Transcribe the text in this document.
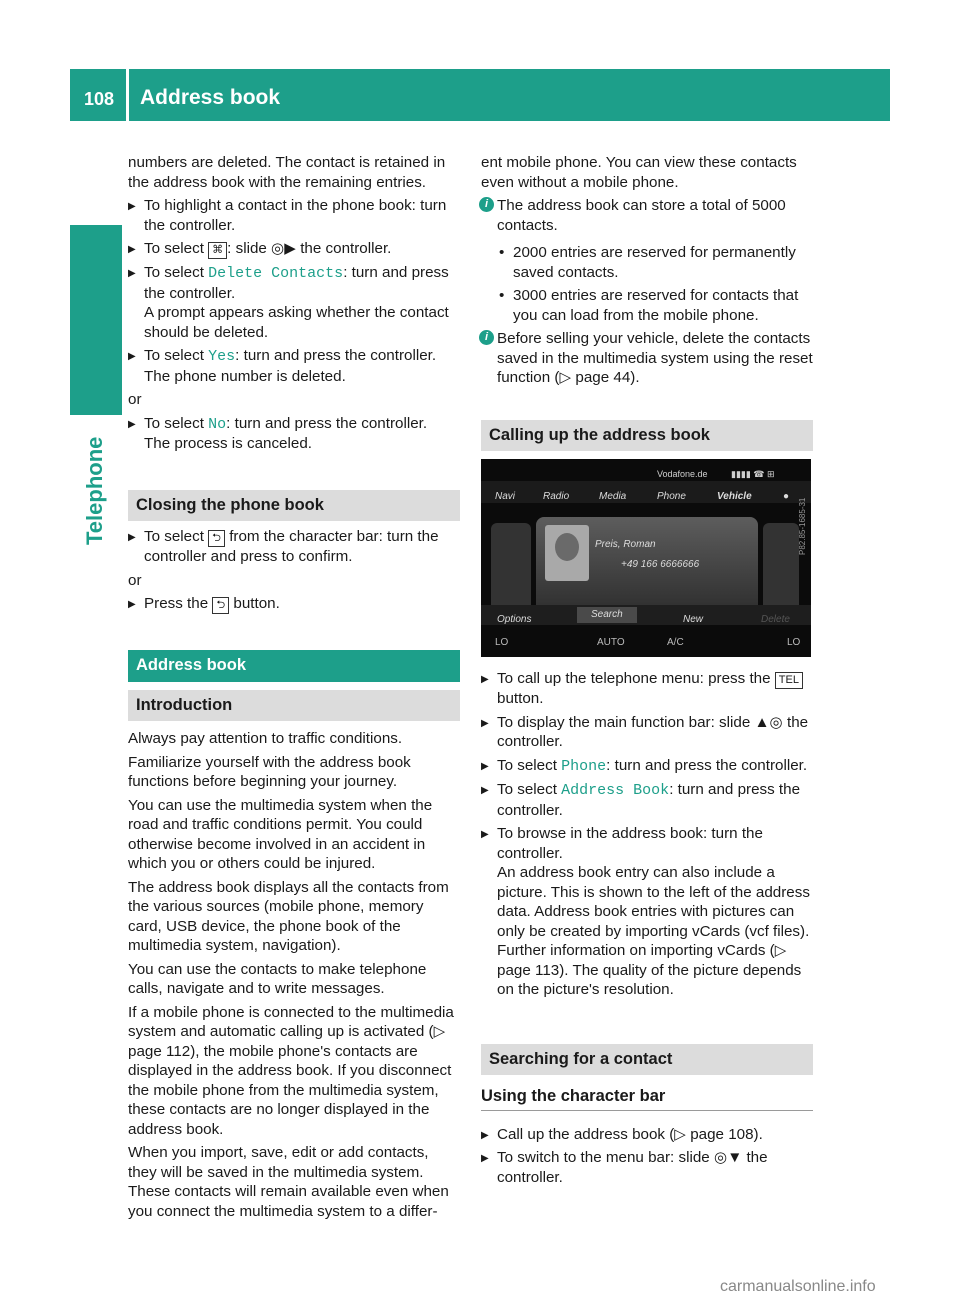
108 Address book
Telephone

numbers are deleted. The contact is retained in the address book with the remaining entries.

▶ To highlight a contact in the phone book: turn the controller.
▶ To select ⌘ : slide ◎▶ the controller.
▶ To select Delete Contacts: turn and press the controller.
A prompt appears asking whether the contact should be deleted.
▶ To select Yes: turn and press the controller.
The phone number is deleted.

or

▶ To select No: turn and press the controller.
The process is canceled.
Closing the phone book
▶ To select ⮌ from the character bar: turn the controller and press to confirm.

or

▶ Press the ⮌ button.
Address book
Introduction

Always pay attention to traffic conditions.

Familiarize yourself with the address book functions before beginning your journey.

You can use the multimedia system when the road and traffic conditions permit. You could otherwise become involved in an accident in which you or others could be injured.

The address book displays all the contacts from the various sources (mobile phone, memory card, USB device, the phone book of the multimedia system, navigation).

You can use the contacts to make telephone calls, navigate and to write messages.

If a mobile phone is connected to the multimedia system and automatic calling up is activated (▷ page 112), the mobile phone's contacts are displayed in the address book. If you disconnect the mobile phone from the multimedia system, these contacts are no longer displayed in the address book.

When you import, save, edit or add contacts, they will be saved in the multimedia system. These contacts will remain available even when you connect the multimedia system to a differ-

ent mobile phone. You can view these contacts even without a mobile phone.

i The address book can store a total of 5000 contacts.
• 2000 entries are reserved for permanently saved contacts.
• 3000 entries are reserved for contacts that you can load from the mobile phone.
i Before selling your vehicle, delete the contacts saved in the multimedia system using the reset function (▷ page 44).
Calling up the address book
Vodafone.de	▮▮▮▮ ☎ ⊞
Navi	Radio	Media	Phone	Vehicle	●
Preis, Roman
+49 166 6666666
Options	Search	New	Delete
LO	AUTO	A/C	LO
P82.85-1685-31
▶ To call up the telephone menu: press the TEL button.
▶ To display the main function bar: slide ▲◎ the controller.
▶ To select Phone: turn and press the controller.
▶ To select Address Book: turn and press the controller.
▶ To browse in the address book: turn the controller.
An address book entry can also include a picture. This is shown to the left of the address data. Address book entries with pictures can only be created by importing vCards (vcf files). Further information on importing vCards (▷ page 113). The quality of the picture depends on the picture's resolution.
Searching for a contact
Using the character bar
▶ Call up the address book (▷ page 108).
▶ To switch to the menu bar: slide ◎▼ the controller.
carmanualsonline.info
